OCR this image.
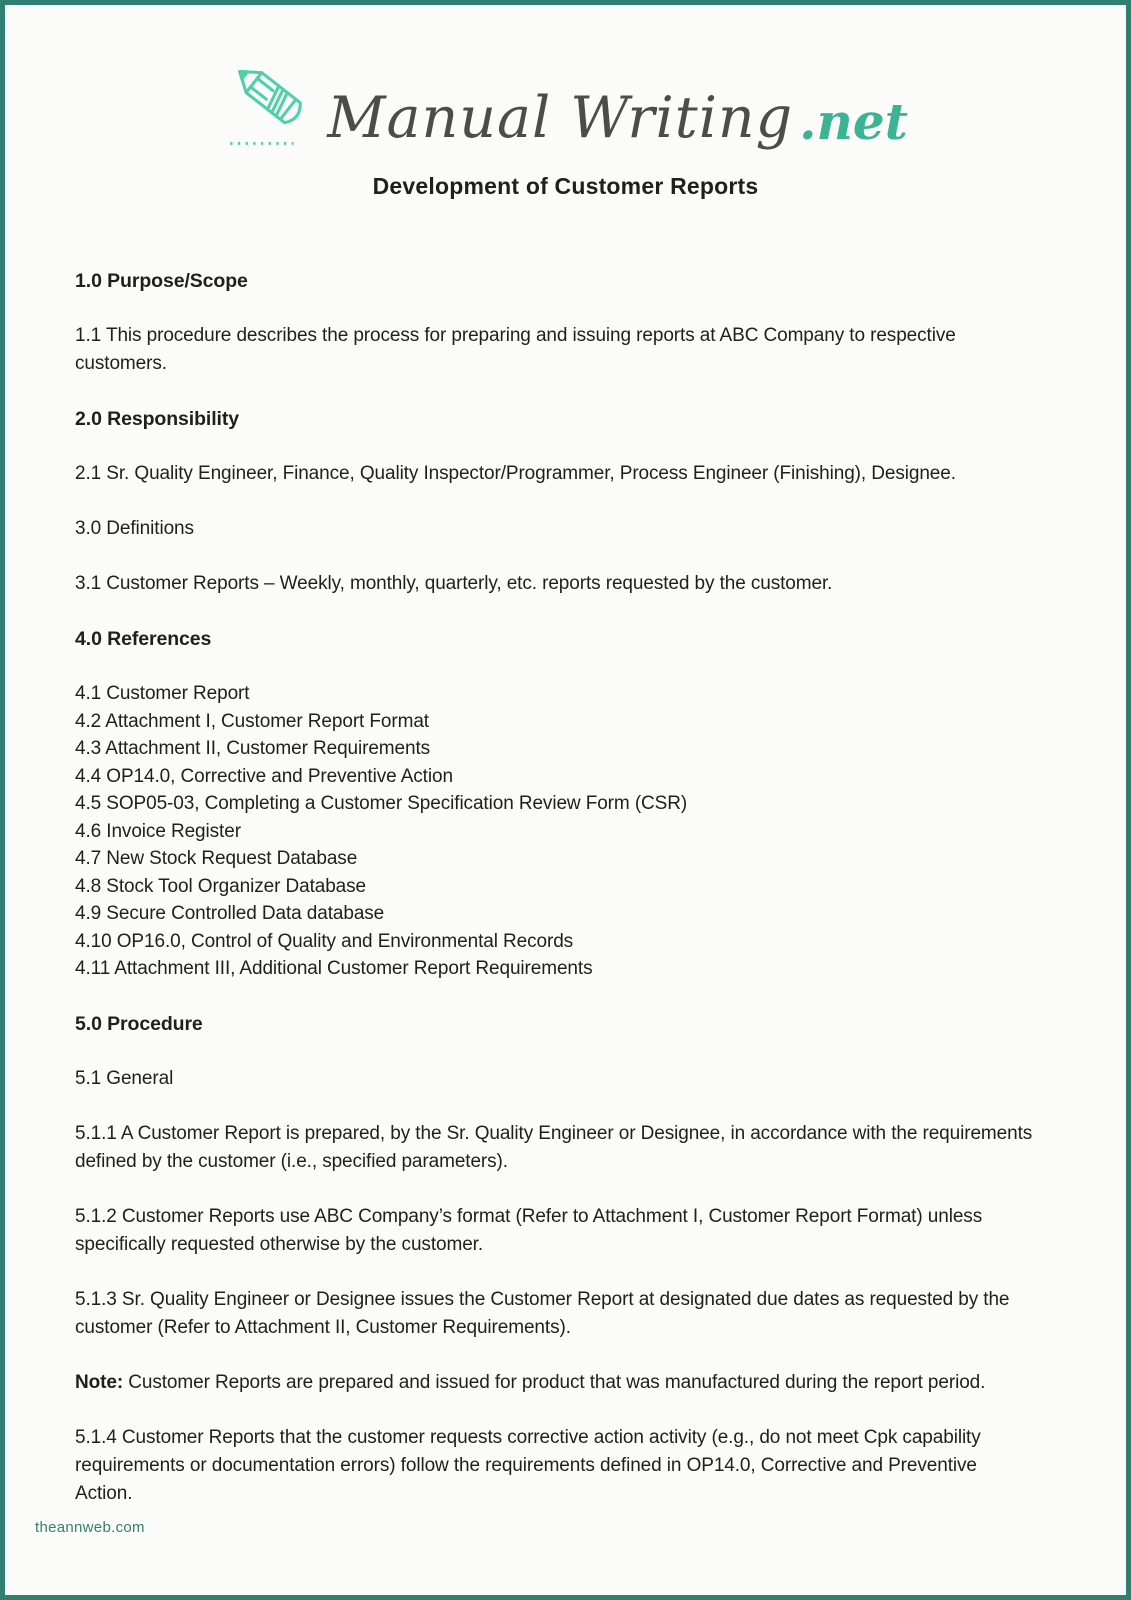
Manual Writing .net
Development of Customer Reports

1.0 Purpose/Scope

1.1 This procedure describes the process for preparing and issuing reports at ABC Company to respective customers.

2.0 Responsibility

2.1 Sr. Quality Engineer, Finance, Quality Inspector/Programmer, Process Engineer (Finishing), Designee.

3.0 Definitions

3.1 Customer Reports – Weekly, monthly, quarterly, etc. reports requested by the customer.

4.0 References

4.1 Customer Report
4.2 Attachment I, Customer Report Format
4.3 Attachment II, Customer Requirements
4.4 OP14.0, Corrective and Preventive Action
4.5 SOP05-03, Completing a Customer Specification Review Form (CSR)
4.6 Invoice Register
4.7 New Stock Request Database
4.8 Stock Tool Organizer Database
4.9 Secure Controlled Data database
4.10 OP16.0, Control of Quality and Environmental Records
4.11 Attachment III, Additional Customer Report Requirements

5.0 Procedure

5.1 General

5.1.1 A Customer Report is prepared, by the Sr. Quality Engineer or Designee, in accordance with the requirements defined by the customer (i.e., specified parameters).

5.1.2 Customer Reports use ABC Company’s format (Refer to Attachment I, Customer Report Format) unless specifically requested otherwise by the customer.

5.1.3 Sr. Quality Engineer or Designee issues the Customer Report at designated due dates as requested by the customer (Refer to Attachment II, Customer Requirements).

Note: Customer Reports are prepared and issued for product that was manufactured during the report period.

5.1.4 Customer Reports that the customer requests corrective action activity (e.g., do not meet Cpk capability requirements or documentation errors) follow the requirements defined in OP14.0, Corrective and Preventive Action.

theannweb.com
